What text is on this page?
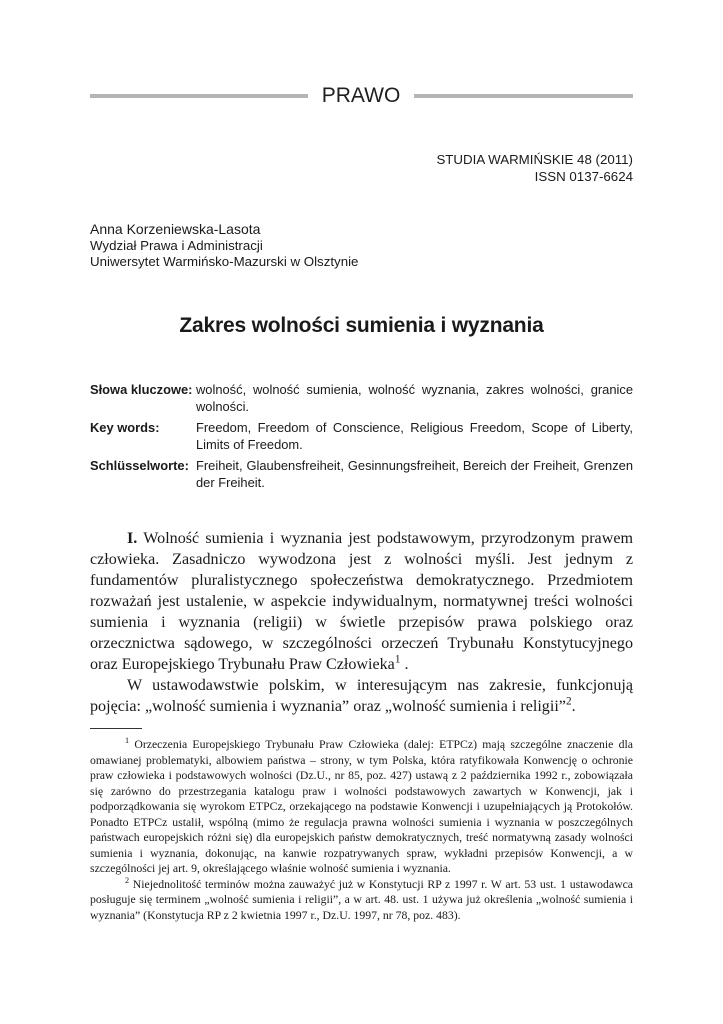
PRAWO
STUDIA WARMIŃSKIE 48 (2011)
ISSN 0137-6624
Anna Korzeniewska-Lasota
Wydział Prawa i Administracji
Uniwersytet Warmińsko-Mazurski w Olsztynie
Zakres wolności sumienia i wyznania
Słowa kluczowe: wolność, wolność sumienia, wolność wyznania, zakres wolności, granice wolności.
Key words:	Freedom, Freedom of Conscience, Religious Freedom, Scope of Liberty, Limits of Freedom.
Schlüsselworte: Freiheit, Glaubensfreiheit, Gesinnungsfreiheit, Bereich der Freiheit, Grenzen der Freiheit.

I. Wolność sumienia i wyznania jest podstawowym, przyrodzonym prawem człowieka. Zasadniczo wywodzona jest z wolności myśli. Jest jednym z fundamentów pluralistycznego społeczeństwa demokratycznego. Przedmiotem rozważań jest ustalenie, w aspekcie indywidualnym, normatywnej treści wolności sumienia i wyznania (religii) w świetle przepisów prawa polskiego oraz orzecznictwa sądowego, w szczególności orzeczeń Trybunału Konstytucyjnego oraz Europejskiego Trybunału Praw Człowieka$^1$ .

W ustawodawstwie polskim, w interesującym nas zakresie, funkcjonują pojęcia: „wolność sumienia i wyznania” oraz „wolność sumienia i religii”$^2$.

$^1$ Orzeczenia Europejskiego Trybunału Praw Człowieka (dalej: ETPCz) mają szczególne znaczenie dla omawianej problematyki, albowiem państwa – strony, w tym Polska, która ratyfikowała Konwencję o ochronie praw człowieka i podstawowych wolności (Dz.U., nr 85, poz. 427) ustawą z 2 października 1992 r., zobowiązała się zarówno do przestrzegania katalogu praw i wolności podstawowych zawartych w Konwencji, jak i podporządkowania się wyrokom ETPCz, orzekającego na podstawie Konwencji i uzupełniających ją Protokołów. Ponadto ETPCz ustalił, wspólną (mimo że regulacja prawna wolności sumienia i wyznania w poszczególnych państwach europejskich różni się) dla europejskich państw demokratycznych, treść normatywną zasady wolności sumienia i wyznania, dokonując, na kanwie rozpatrywanych spraw, wykładni przepisów Konwencji, a w szczególności jej art. 9, określającego właśnie wolność sumienia i wyznania.

$^2$ Niejednolitość terminów można zauważyć już w Konstytucji RP z 1997 r. W art. 53 ust. 1 ustawodawca posługuje się terminem „wolność sumienia i religii”, a w art. 48. ust. 1 używa już określenia „wolność sumienia i wyznania” (Konstytucja RP z 2 kwietnia 1997 r., Dz.U. 1997, nr 78, poz. 483).
